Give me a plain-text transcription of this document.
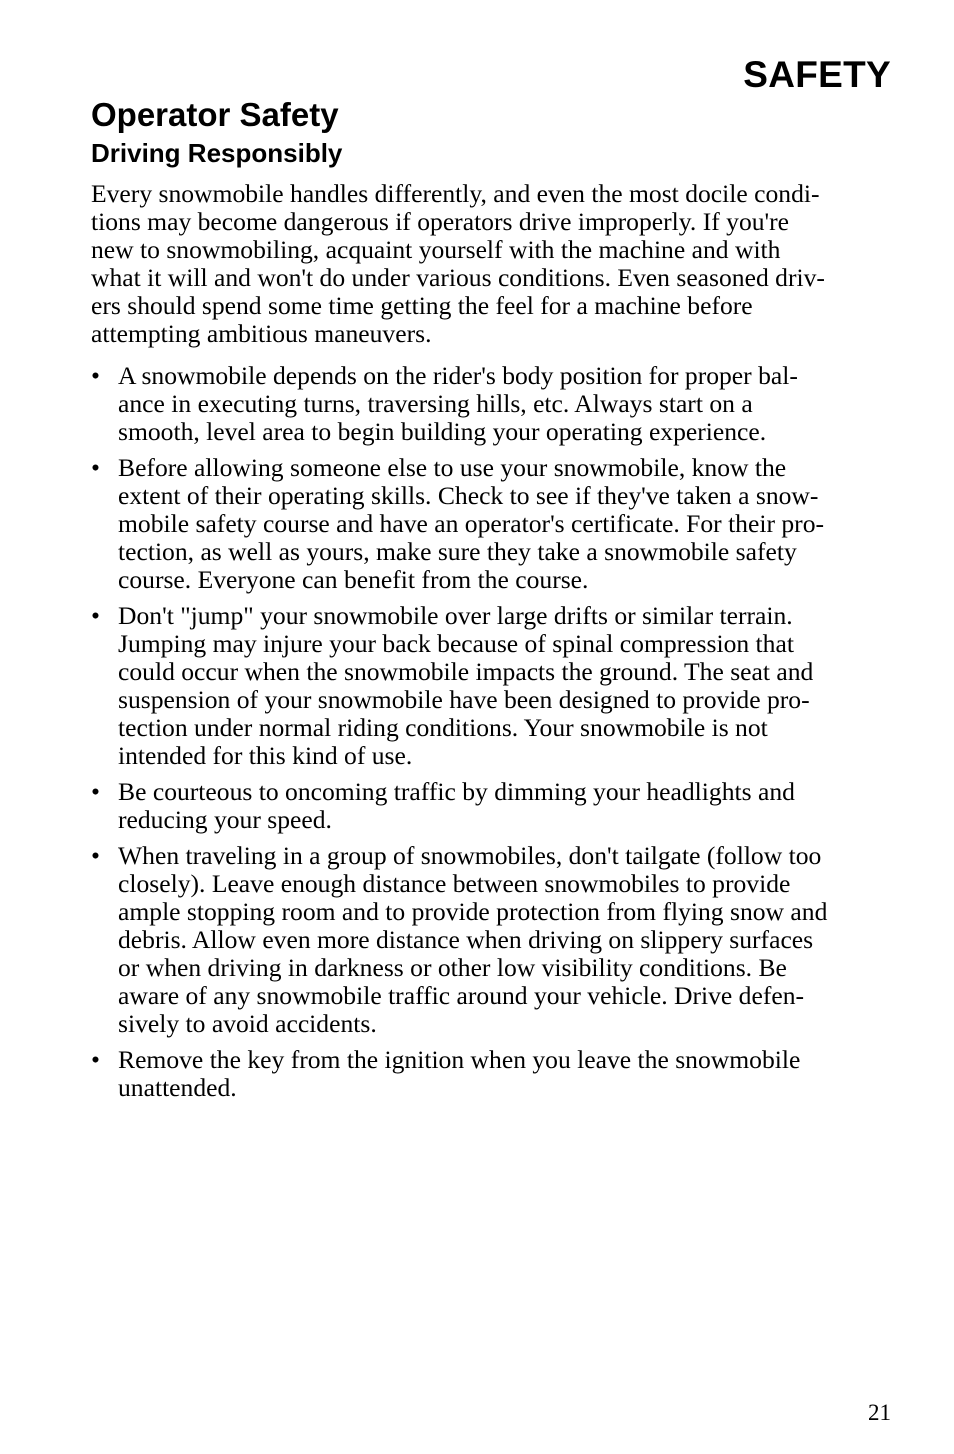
SAFETY
Operator Safety
Driving Responsibly

Every snowmobile handles differently, and even the most docile condi-
tions may become dangerous if operators drive improperly. If you're
new to snowmobiling, acquaint yourself with the machine and with
what it will and won't do under various conditions. Even seasoned driv-
ers should spend some time getting the feel for a machine before
attempting ambitious maneuvers.

• A snowmobile depends on the rider's body position for proper bal-
ance in executing turns, traversing hills, etc. Always start on a
smooth, level area to begin building your operating experience.
• Before allowing someone else to use your snowmobile, know the
extent of their operating skills. Check to see if they've taken a snow-
mobile safety course and have an operator's certificate. For their pro-
tection, as well as yours, make sure they take a snowmobile safety
course. Everyone can benefit from the course.
• Don't "jump" your snowmobile over large drifts or similar terrain.
Jumping may injure your back because of spinal compression that
could occur when the snowmobile impacts the ground. The seat and
suspension of your snowmobile have been designed to provide pro-
tection under normal riding conditions. Your snowmobile is not
intended for this kind of use.
• Be courteous to oncoming traffic by dimming your headlights and
reducing your speed.
• When traveling in a group of snowmobiles, don't tailgate (follow too
closely). Leave enough distance between snowmobiles to provide
ample stopping room and to provide protection from flying snow and
debris. Allow even more distance when driving on slippery surfaces
or when driving in darkness or other low visibility conditions. Be
aware of any snowmobile traffic around your vehicle. Drive defen-
sively to avoid accidents.
• Remove the key from the ignition when you leave the snowmobile
unattended.
21
